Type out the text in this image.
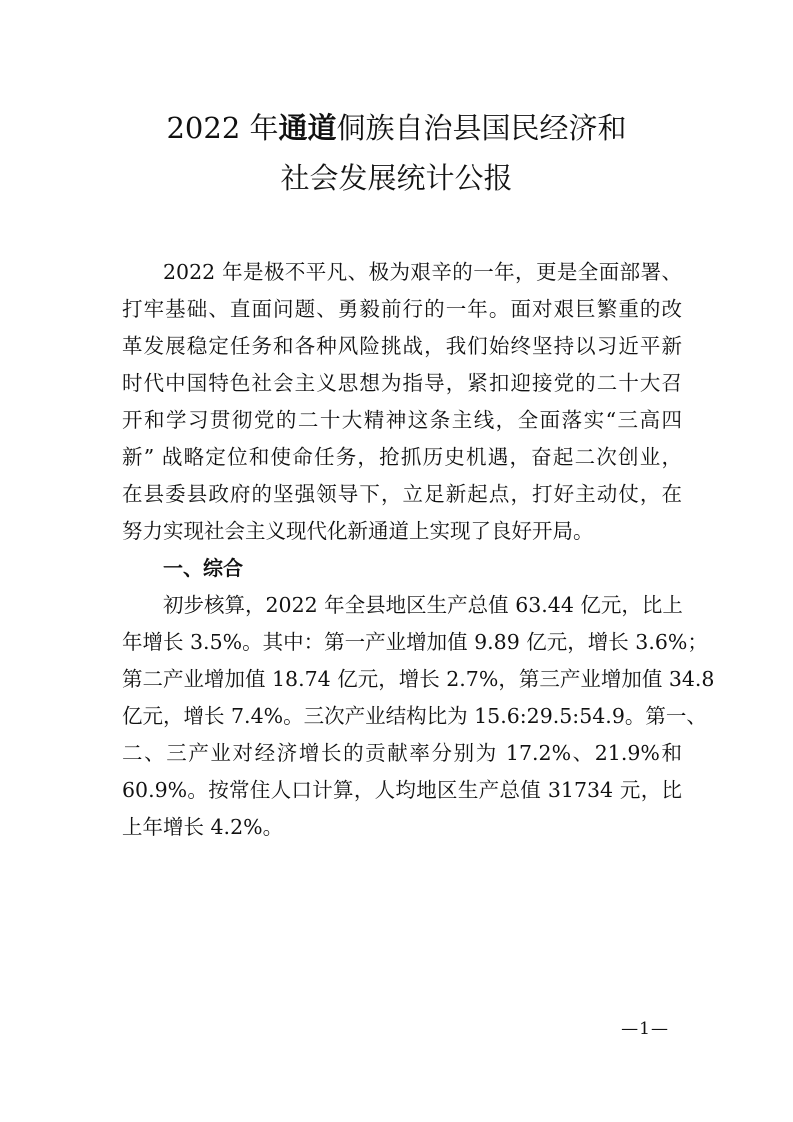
2022 年通道侗族自治县国民经济和
社会发展统计公报
2022 年是极不平凡、极为艰辛的一年，更是全面部署、
打牢基础、直面问题、勇毅前行的一年。面对艰巨繁重的改
革发展稳定任务和各种风险挑战，我们始终坚持以习近平新
时代中国特色社会主义思想为指导，紧扣迎接党的二十大召
开和学习贯彻党的二十大精神这条主线，全面落实“三高四
新” 战略定位和使命任务，抢抓历史机遇，奋起二次创业，
在县委县政府的坚强领导下，立足新起点，打好主动仗，在
努力实现社会主义现代化新通道上实现了良好开局。
一、综合
初步核算，2022 年全县地区生产总值 63.44 亿元，比上
年增长 3.5%。其中：第一产业增加值 9.89 亿元，增长 3.6%；
第二产业增加值 18.74 亿元，增长 2.7%，第三产业增加值 34.8
亿元，增长 7.4%。三次产业结构比为 15.6:29.5:54.9。第一、
二、三产业对经济增长的贡献率分别为 17.2%、21.9%和
60.9%。按常住人口计算，人均地区生产总值 31734 元，比
上年增长 4.2%。
—1—
